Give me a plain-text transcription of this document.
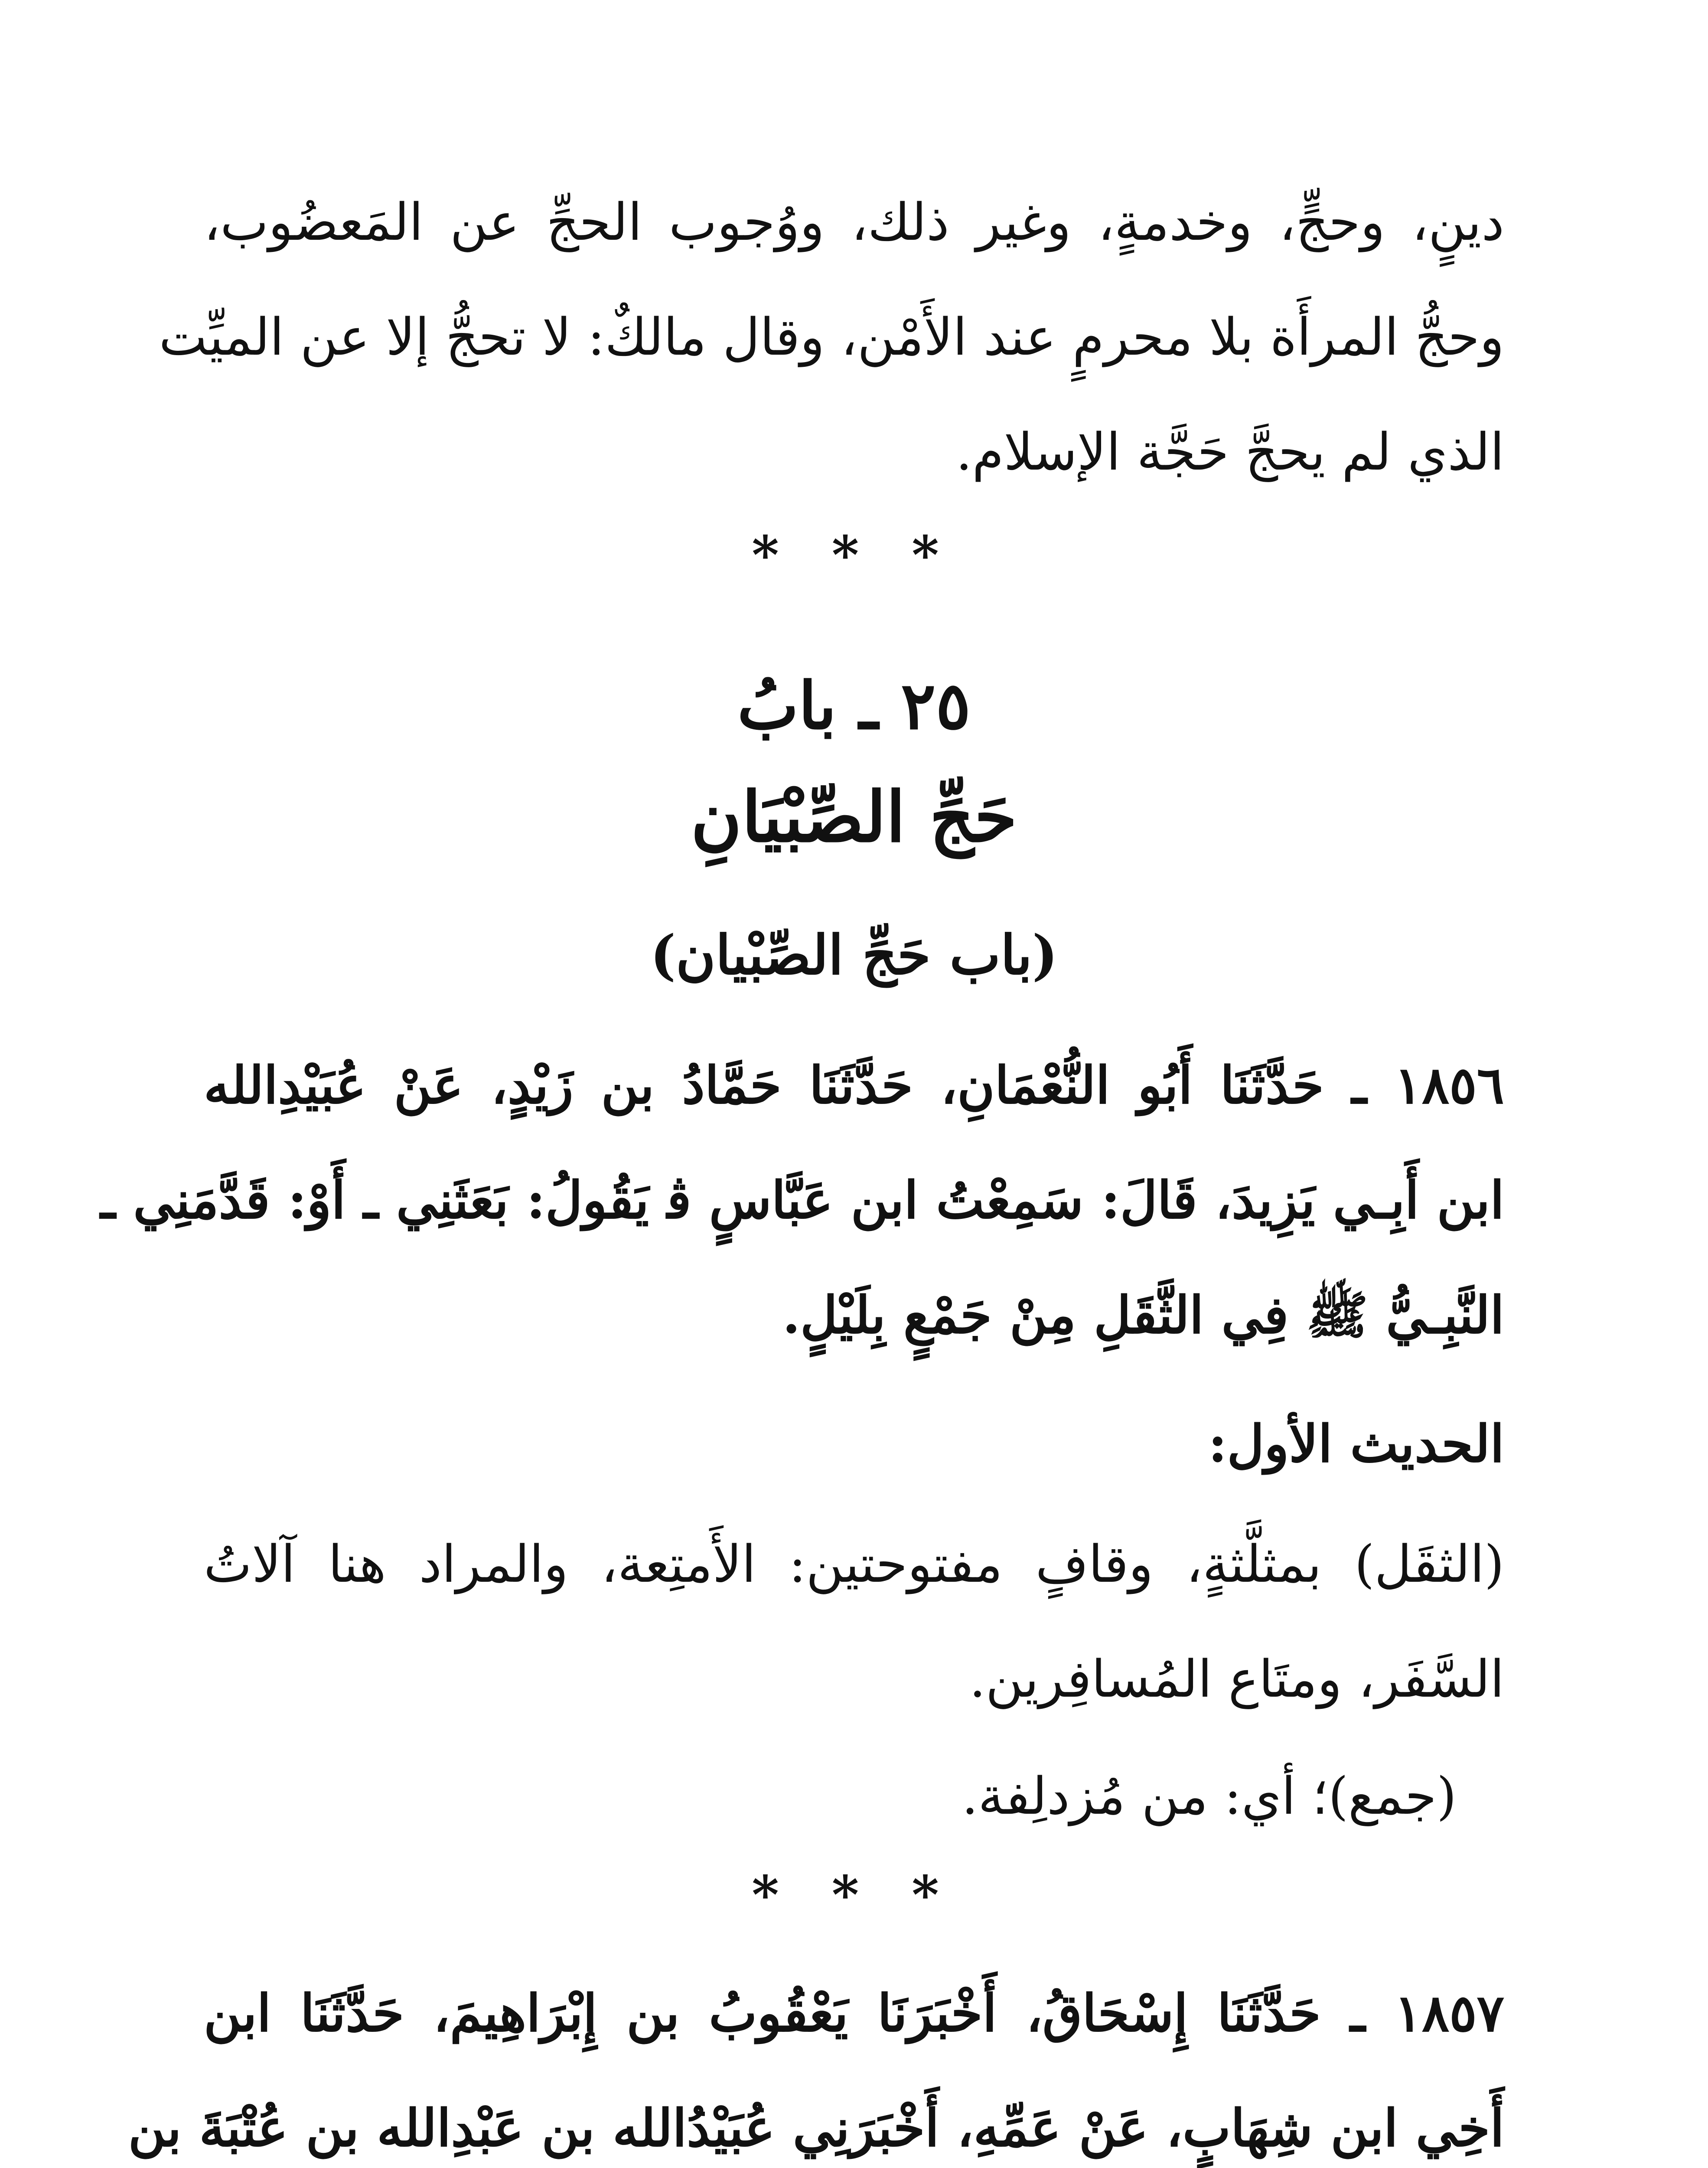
دينٍ، وحجٍّ، وخدمةٍ، وغير ذلك، ووُجوب الحجِّ عن المَعضُوب،
وحجُّ المرأَة بلا محرمٍ عند الأَمْن، وقال مالكٌ: لا تحجُّ إلا عن الميِّت
الذي لم يحجَّ حَجَّة الإسلام.

* * *

٢٥ ـ بابُ

حَجِّ الصِّبْيَانِ

(باب حَجِّ الصِّبْيان)

١٨٥٦ ـ حَدَّثَنَا أَبُو النُّعْمَانِ، حَدَّثَنَا حَمَّادُ بن زَيْدٍ، عَنْ عُبَيْدِالله
ابن أَبِـي يَزِيدَ، قَالَ: سَمِعْتُ ابن عَبَّاسٍ ﭬ يَقُولُ: بَعَثَنِي ـ أَوْ: قَدَّمَنِي ـ
النَّبِـيُّ ﷺ فِي الثَّقَلِ مِنْ جَمْعٍ بِلَيْلٍ.

الحديث الأول:

(الثقَل) بمثلَّثةٍ، وقافٍ مفتوحتين: الأَمتِعة، والمراد هنا آلاتُ
السَّفَر، ومتَاع المُسافِرين.

(جمع)؛ أي: من مُزدلِفة.

* * *

١٨٥٧ ـ حَدَّثَنَا إِسْحَاقُ، أَخْبَرَنَا يَعْقُوبُ بن إِبْرَاهِيمَ، حَدَّثَنَا ابن
أَخِي ابن شِهَابٍ، عَنْ عَمِّهِ، أَخْبَرَنِي عُبَيْدُالله بن عَبْدِالله بن عُتْبَةَ بن
